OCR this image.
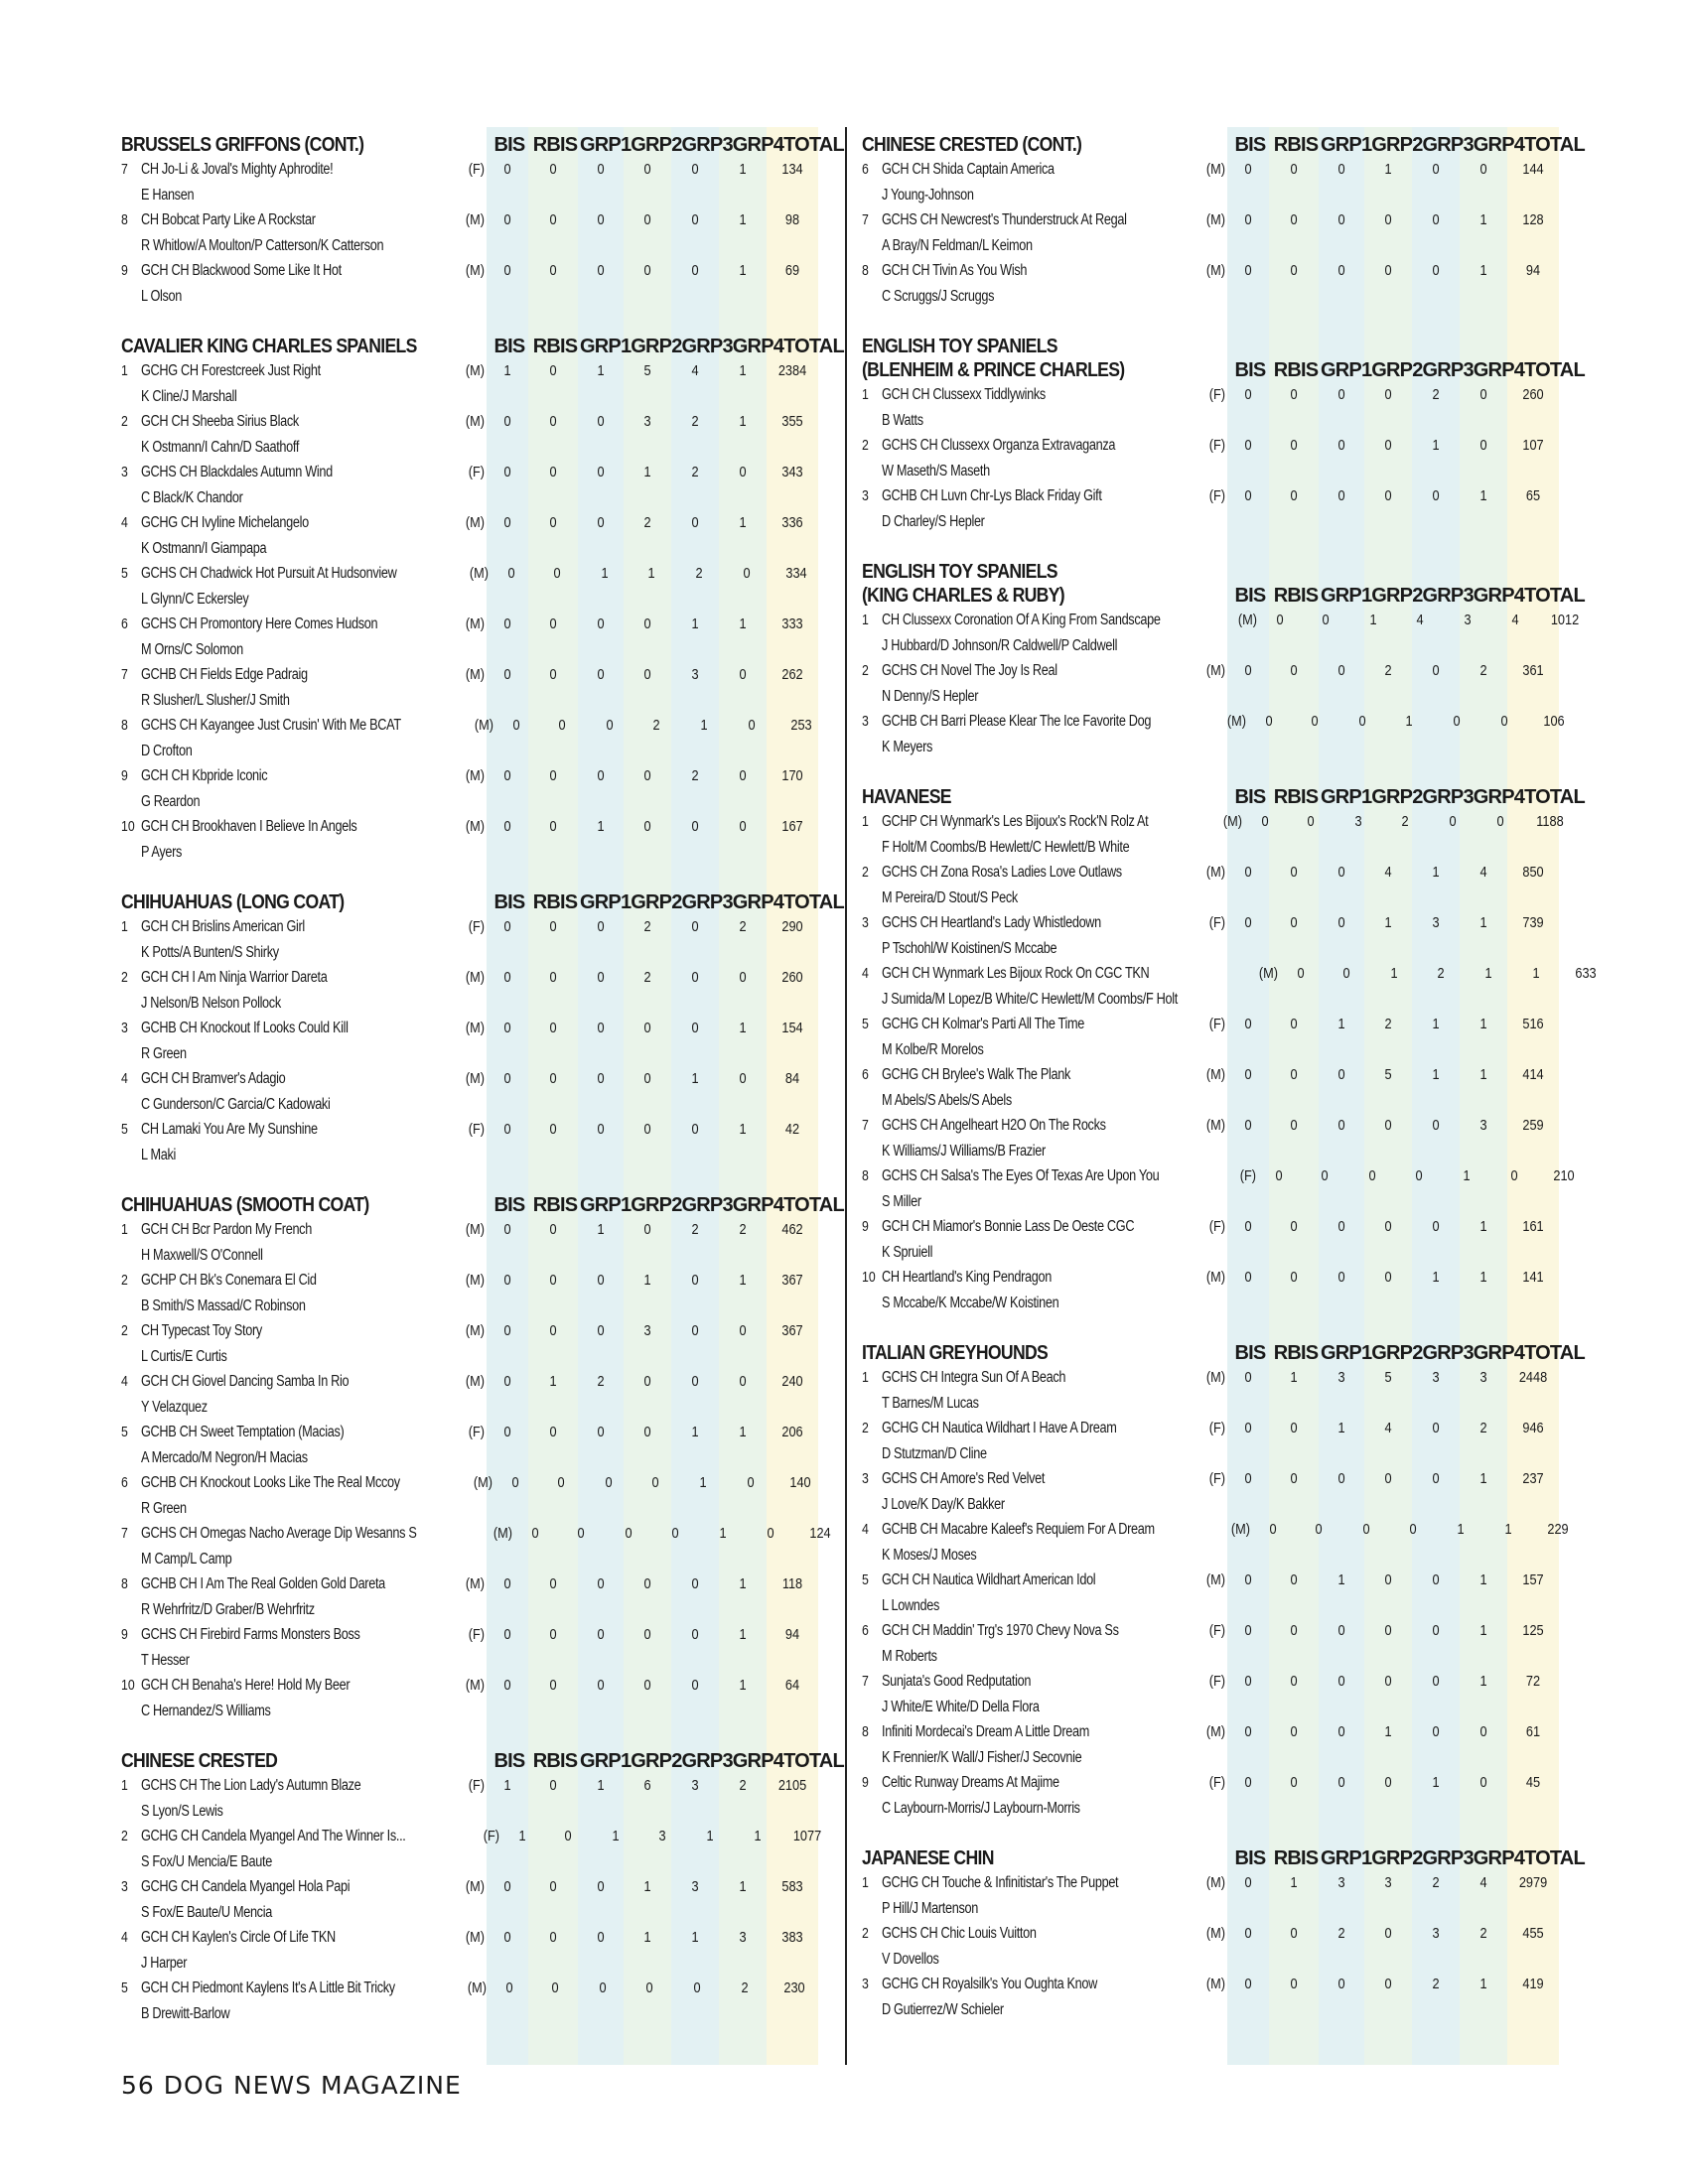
BRUSSELS GRIFFONS (CONT.)	BIS RBIS GRP1 GRP2 GRP3 GRP4 TOTAL
7 CH Jo-Li & Joval's Mighty Aphrodite!
E Hansen
(F)	0	0	0	0	0	1	134
8 CH Bobcat Party Like A Rockstar
R Whitlow/A Moulton/P Catterson/K Catterson
(M)	0	0	0	0	0	1	98
9 GCH CH Blackwood Some Like It Hot
L Olson
(M)	0	0	0	0	0	1	69
CAVALIER KING CHARLES SPANIELS	BIS RBIS GRP1 GRP2 GRP3 GRP4 TOTAL
1 GCHG CH Forestcreek Just Right
K Cline/J Marshall
(M)	1	0	1	5	4	1	2384
2 GCH CH Sheeba Sirius Black
K Ostmann/I Cahn/D Saathoff
(M)	0	0	0	3	2	1	355
3 GCHS CH Blackdales Autumn Wind
C Black/K Chandor
(F)	0	0	0	1	2	0	343
4 GCHG CH Ivyline Michelangelo
K Ostmann/I Giampapa
(M)	0	0	0	2	0	1	336
5 GCHS CH Chadwick Hot Pursuit At Hudsonview
L Glynn/C Eckersley
(M)	0	0	1	1	2	0	334
6 GCHS CH Promontory Here Comes Hudson
M Orns/C Solomon
(M)	0	0	0	0	1	1	333
7 GCHB CH Fields Edge Padraig
R Slusher/L Slusher/J Smith
(M)	0	0	0	0	3	0	262
8 GCHS CH Kayangee Just Crusin' With Me BCAT
D Crofton
(M)	0	0	0	2	1	0	253
9 GCH CH Kbpride Iconic
G Reardon
(M)	0	0	0	0	2	0	170
10 GCH CH Brookhaven I Believe In Angels
P Ayers
(M)	0	0	1	0	0	0	167
CHIHUAHUAS (LONG COAT)	BIS RBIS GRP1 GRP2 GRP3 GRP4 TOTAL
1 GCH CH Brislins American Girl
K Potts/A Bunten/S Shirky
(F)	0	0	0	2	0	2	290
2 GCH CH I Am Ninja Warrior Dareta
J Nelson/B Nelson Pollock
(M)	0	0	0	2	0	0	260
3 GCHB CH Knockout If Looks Could Kill
R Green
(M)	0	0	0	0	0	1	154
4 GCH CH Bramver's Adagio
C Gunderson/C Garcia/C Kadowaki
(M)	0	0	0	0	1	0	84
5 CH Lamaki You Are My Sunshine
L Maki
(F)	0	0	0	0	0	1	42
CHIHUAHUAS (SMOOTH COAT)	BIS RBIS GRP1 GRP2 GRP3 GRP4 TOTAL
1 GCH CH Bcr Pardon My French
H Maxwell/S O'Connell
(M)	0	0	1	0	2	2	462
2 GCHP CH Bk's Conemara El Cid
B Smith/S Massad/C Robinson
(M)	0	0	0	1	0	1	367
2 CH Typecast Toy Story
L Curtis/E Curtis
(M)	0	0	0	3	0	0	367
4 GCH CH Giovel Dancing Samba In Rio
Y Velazquez
(M)	0	1	2	0	0	0	240
5 GCHB CH Sweet Temptation (Macias)
A Mercado/M Negron/H Macias
(F)	0	0	0	0	1	1	206
6 GCHB CH Knockout Looks Like The Real Mccoy
R Green
(M)	0	0	0	0	1	0	140
7 GCHS CH Omegas Nacho Average Dip Wesanns S
M Camp/L Camp
(M)	0	0	0	0	1	0	124
8 GCHB CH I Am The Real Golden Gold Dareta
R Wehrfritz/D Graber/B Wehrfritz
(M)	0	0	0	0	0	1	118
9 GCHS CH Firebird Farms Monsters Boss
T Hesser
(F)	0	0	0	0	0	1	94
10 GCH CH Benaha's Here! Hold My Beer
C Hernandez/S Williams
(M)	0	0	0	0	0	1	64
CHINESE CRESTED	BIS RBIS GRP1 GRP2 GRP3 GRP4 TOTAL
1 GCHS CH The Lion Lady's Autumn Blaze
S Lyon/S Lewis
(F)	1	0	1	6	3	2	2105
2 GCHG CH Candela Myangel And The Winner Is...
S Fox/U Mencia/E Baute
(F)	1	0	1	3	1	1	1077
3 GCHG CH Candela Myangel Hola Papi
S Fox/E Baute/U Mencia
(M)	0	0	0	1	3	1	583
4 GCH CH Kaylen's Circle Of Life TKN
J Harper
(M)	0	0	0	1	1	3	383
5 GCH CH Piedmont Kaylens It's A Little Bit Tricky
B Drewitt-Barlow
(M)	0	0	0	0	0	2	230
CHINESE CRESTED (CONT.)	BIS RBIS GRP1 GRP2 GRP3 GRP4 TOTAL
6 GCH CH Shida Captain America
J Young-Johnson
(M)	0	0	0	1	0	0	144
7 GCHS CH Newcrest's Thunderstruck At Regal
A Bray/N Feldman/L Keimon
(M)	0	0	0	0	0	1	128
8 GCH CH Tivin As You Wish
C Scruggs/J Scruggs
(M)	0	0	0	0	0	1	94
ENGLISH TOY SPANIELS
(BLENHEIM & PRINCE CHARLES)	BIS RBIS GRP1 GRP2 GRP3 GRP4 TOTAL
1 GCH CH Clussexx Tiddlywinks
B Watts
(F)	0	0	0	0	2	0	260
2 GCHS CH Clussexx Organza Extravaganza
W Maseth/S Maseth
(F)	0	0	0	0	1	0	107
3 GCHB CH Luvn Chr-Lys Black Friday Gift
D Charley/S Hepler
(F)	0	0	0	0	0	1	65
ENGLISH TOY SPANIELS
(KING CHARLES & RUBY)	BIS RBIS GRP1 GRP2 GRP3 GRP4 TOTAL
1 CH Clussexx Coronation Of A King From Sandscape
J Hubbard/D Johnson/R Caldwell/P Caldwell
(M)	0	0	1	4	3	4	1012
2 GCHS CH Novel The Joy Is Real
N Denny/S Hepler
(M)	0	0	0	2	0	2	361
3 GCHB CH Barri Please Klear The Ice Favorite Dog
K Meyers
(M)	0	0	0	1	0	0	106
HAVANESE	BIS RBIS GRP1 GRP2 GRP3 GRP4 TOTAL
1 GCHP CH Wynmark's Les Bijoux's Rock'N Rolz At
F Holt/M Coombs/B Hewlett/C Hewlett/B White
(M)	0	0	3	2	0	0	1188
2 GCHS CH Zona Rosa's Ladies Love Outlaws
M Pereira/D Stout/S Peck
(M)	0	0	0	4	1	4	850
3 GCHS CH Heartland's Lady Whistledown
P Tschohl/W Koistinen/S Mccabe
(F)	0	0	0	1	3	1	739
4 GCH CH Wynmark Les Bijoux Rock On CGC TKN
J Sumida/M Lopez/B White/C Hewlett/M Coombs/F Holt
(M)	0	0	1	2	1	1	633
5 GCHG CH Kolmar's Parti All The Time
M Kolbe/R Morelos
(F)	0	0	1	2	1	1	516
6 GCHG CH Brylee's Walk The Plank
M Abels/S Abels/S Abels
(M)	0	0	0	5	1	1	414
7 GCHS CH Angelheart H2O On The Rocks
K Williams/J Williams/B Frazier
(M)	0	0	0	0	0	3	259
8 GCHS CH Salsa's The Eyes Of Texas Are Upon You
S Miller
(F)	0	0	0	0	1	0	210
9 GCH CH Miamor's Bonnie Lass De Oeste CGC
K Spruiell
(F)	0	0	0	0	0	1	161
10 CH Heartland's King Pendragon
S Mccabe/K Mccabe/W Koistinen
(M)	0	0	0	0	1	1	141
ITALIAN GREYHOUNDS	BIS RBIS GRP1 GRP2 GRP3 GRP4 TOTAL
1 GCHS CH Integra Sun Of A Beach
T Barnes/M Lucas
(M)	0	1	3	5	3	3	2448
2 GCHG CH Nautica Wildhart I Have A Dream
D Stutzman/D Cline
(F)	0	0	1	4	0	2	946
3 GCHS CH Amore's Red Velvet
J Love/K Day/K Bakker
(F)	0	0	0	0	0	1	237
4 GCHB CH Macabre Kaleef's Requiem For A Dream
K Moses/J Moses
(M)	0	0	0	0	1	1	229
5 GCH CH Nautica Wildhart American Idol
L Lowndes
(M)	0	0	1	0	0	1	157
6 GCH CH Maddin' Trg's 1970 Chevy Nova Ss
M Roberts
(F)	0	0	0	0	0	1	125
7 Sunjata's Good Redputation
J White/E White/D Della Flora
(F)	0	0	0	0	0	1	72
8 Infiniti Mordecai's Dream A Little Dream
K Frennier/K Wall/J Fisher/J Secovnie
(M)	0	0	0	1	0	0	61
9 Celtic Runway Dreams At Majime
C Laybourn-Morris/J Laybourn-Morris
(F)	0	0	0	0	1	0	45
JAPANESE CHIN	BIS RBIS GRP1 GRP2 GRP3 GRP4 TOTAL
1 GCHG CH Touche & Infinitistar's The Puppet
P Hill/J Martenson
(M)	0	1	3	3	2	4	2979
2 GCHS CH Chic Louis Vuitton
V Dovellos
(M)	0	0	2	0	3	2	455
3 GCHG CH Royalsilk's You Oughta Know
D Gutierrez/W Schieler
(M)	0	0	0	0	2	1	419
56 DOG NEWS MAGAZINE
